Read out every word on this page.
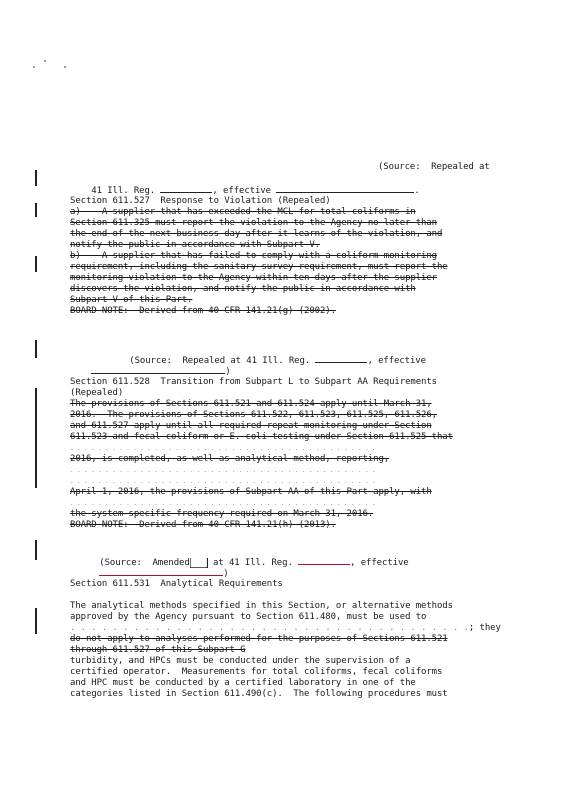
(Source:  Repealed at

41 Ill. Reg.	, effective	.

Section 611.527  Response to Violation (Repealed)
a)    A supplier that has exceeded the MCL for total coliforms in
Section 611.325 must report the violation to the Agency no later than
the end of the next business day after it learns of the violation, and
notify the public in accordance with Subpart V.
b)    A supplier that has failed to comply with a coliform monitoring
requirement, including the sanitary survey requirement, must report the
monitoring violation to the Agency within ten days after the supplier
discovers the violation, and notify the public in accordance with
Subpart V of this Part.
BOARD NOTE:  Derived from 40 CFR 141.21(g) (2002).

(Source:  Repealed at 41 Ill. Reg.	, effective

)

Section 611.528  Transition from Subpart L to Subpart AA Requirements
(Repealed)
The provisions of Sections 611.521 and 611.524 apply until March 31,
2016.  The provisions of Sections 611.522, 611.523, 611.525, 611.526,
and 611.527 apply until all required repeat monitoring under Section
611.523 and fecal coliform or E. coli testing under Section 611.525 that
. . . . . . . . . . . . . . . . . . . . . . . . . . . . . . . . . . . . . . . . . . . .
2016, is completed, as well as analytical method, reporting,
. . . . . . . . . . . . . . . . . . . . . . . . . . . . . . . . . . . . . . . . . . . .
. . . . . . . . . . . . . . . . . . . . . . . . . . . . . . . . . . . . . . . . . . . .
April 1, 2016, the provisions of Subpart AA of this Part apply, with
. . . . . . . . . . . . . . . . . . . . . . . . . . . . . . . . . . . . . . . . . . . .
the system-specific frequency required on March 31, 2016.
BOARD NOTE:  Derived from 40 CFR 141.21(h) (2013).

(Source:  Amended███ at 41 Ill. Reg.	, effective

)

Section 611.531  Analytical Requirements
The analytical methods specified in this Section, or alternative methods
approved by the Agency pursuant to Section 611.480, must be used to
. . . . . . . . . . . . . . . . . . . . . . . . . . . . . . . . . . . . . .; they
do not apply to analyses performed for the purposes of Sections 611.521
through 611.527 of this Subpart G
turbidity, and HPCs must be conducted under the supervision of a
certified operator.  Measurements for total coliforms, fecal coliforms
and HPC must be conducted by a certified laboratory in one of the
categories listed in Section 611.490(c).  The following procedures must
